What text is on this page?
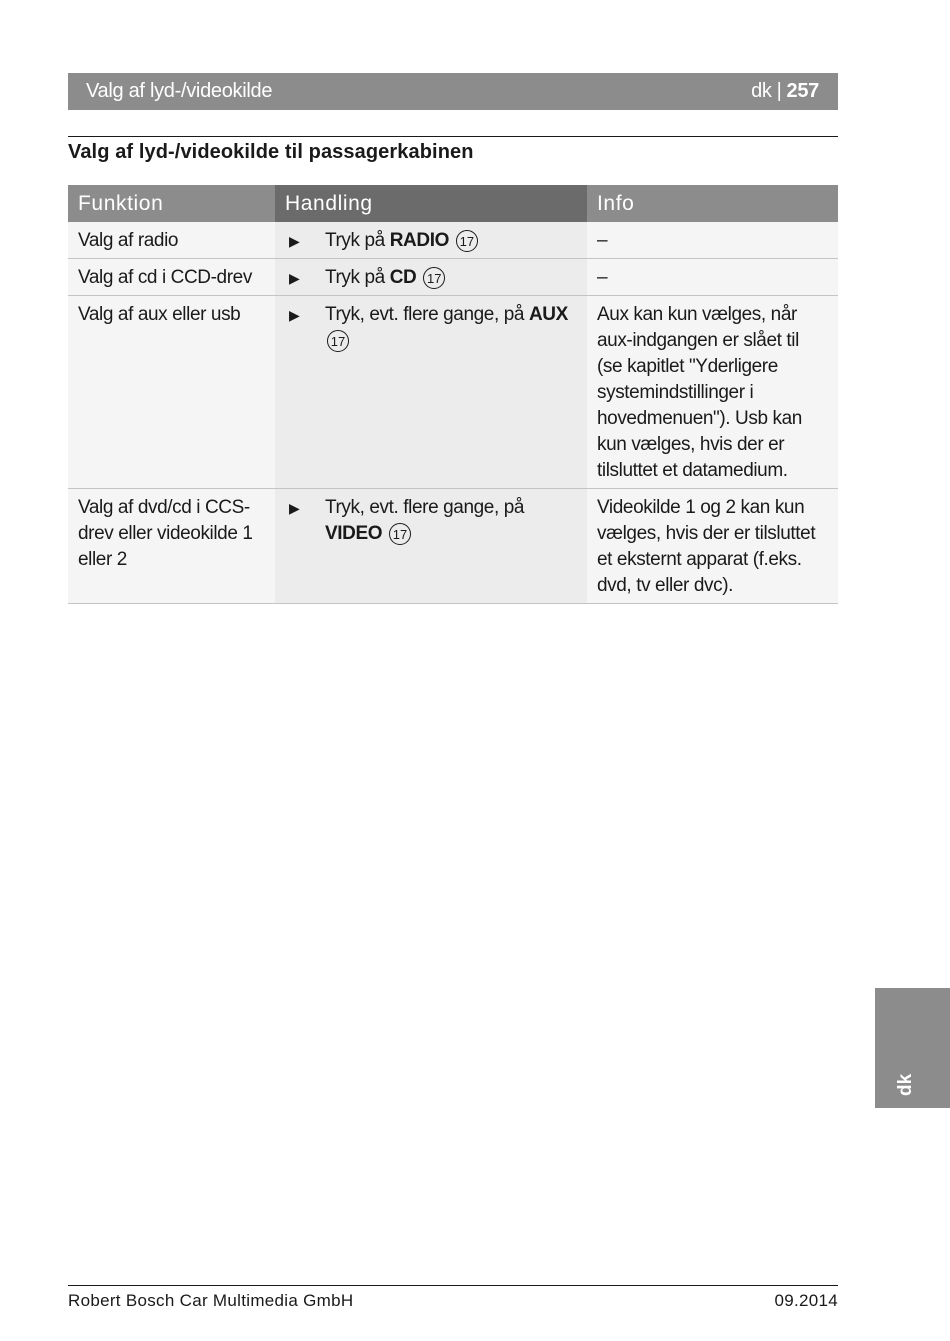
Valg af lyd-/videokilde	dk | 257
Valg af lyd-/videokilde til passagerkabinen
Funktion	Handling	Info
Valg af radio	▶ Tryk på RADIO 17	–
Valg af cd i CCD-drev	▶ Tryk på CD 17	–
Valg af aux eller usb	▶ Tryk, evt. flere gange, på AUX 17	Aux kan kun vælges, når aux-indgangen er slået til (se kapitlet "Yderligere systemindstillinger i hovedmenuen"). Usb kan kun vælges, hvis der er tilsluttet et datamedium.
Valg af dvd/cd i CCS-drev eller videokilde 1 eller 2	▶ Tryk, evt. flere gange, på VIDEO 17	Videokilde 1 og 2 kan kun vælges, hvis der er tilsluttet et eksternt apparat (f.eks. dvd, tv eller dvc).
dk
Robert Bosch Car Multimedia GmbH	09.2014
